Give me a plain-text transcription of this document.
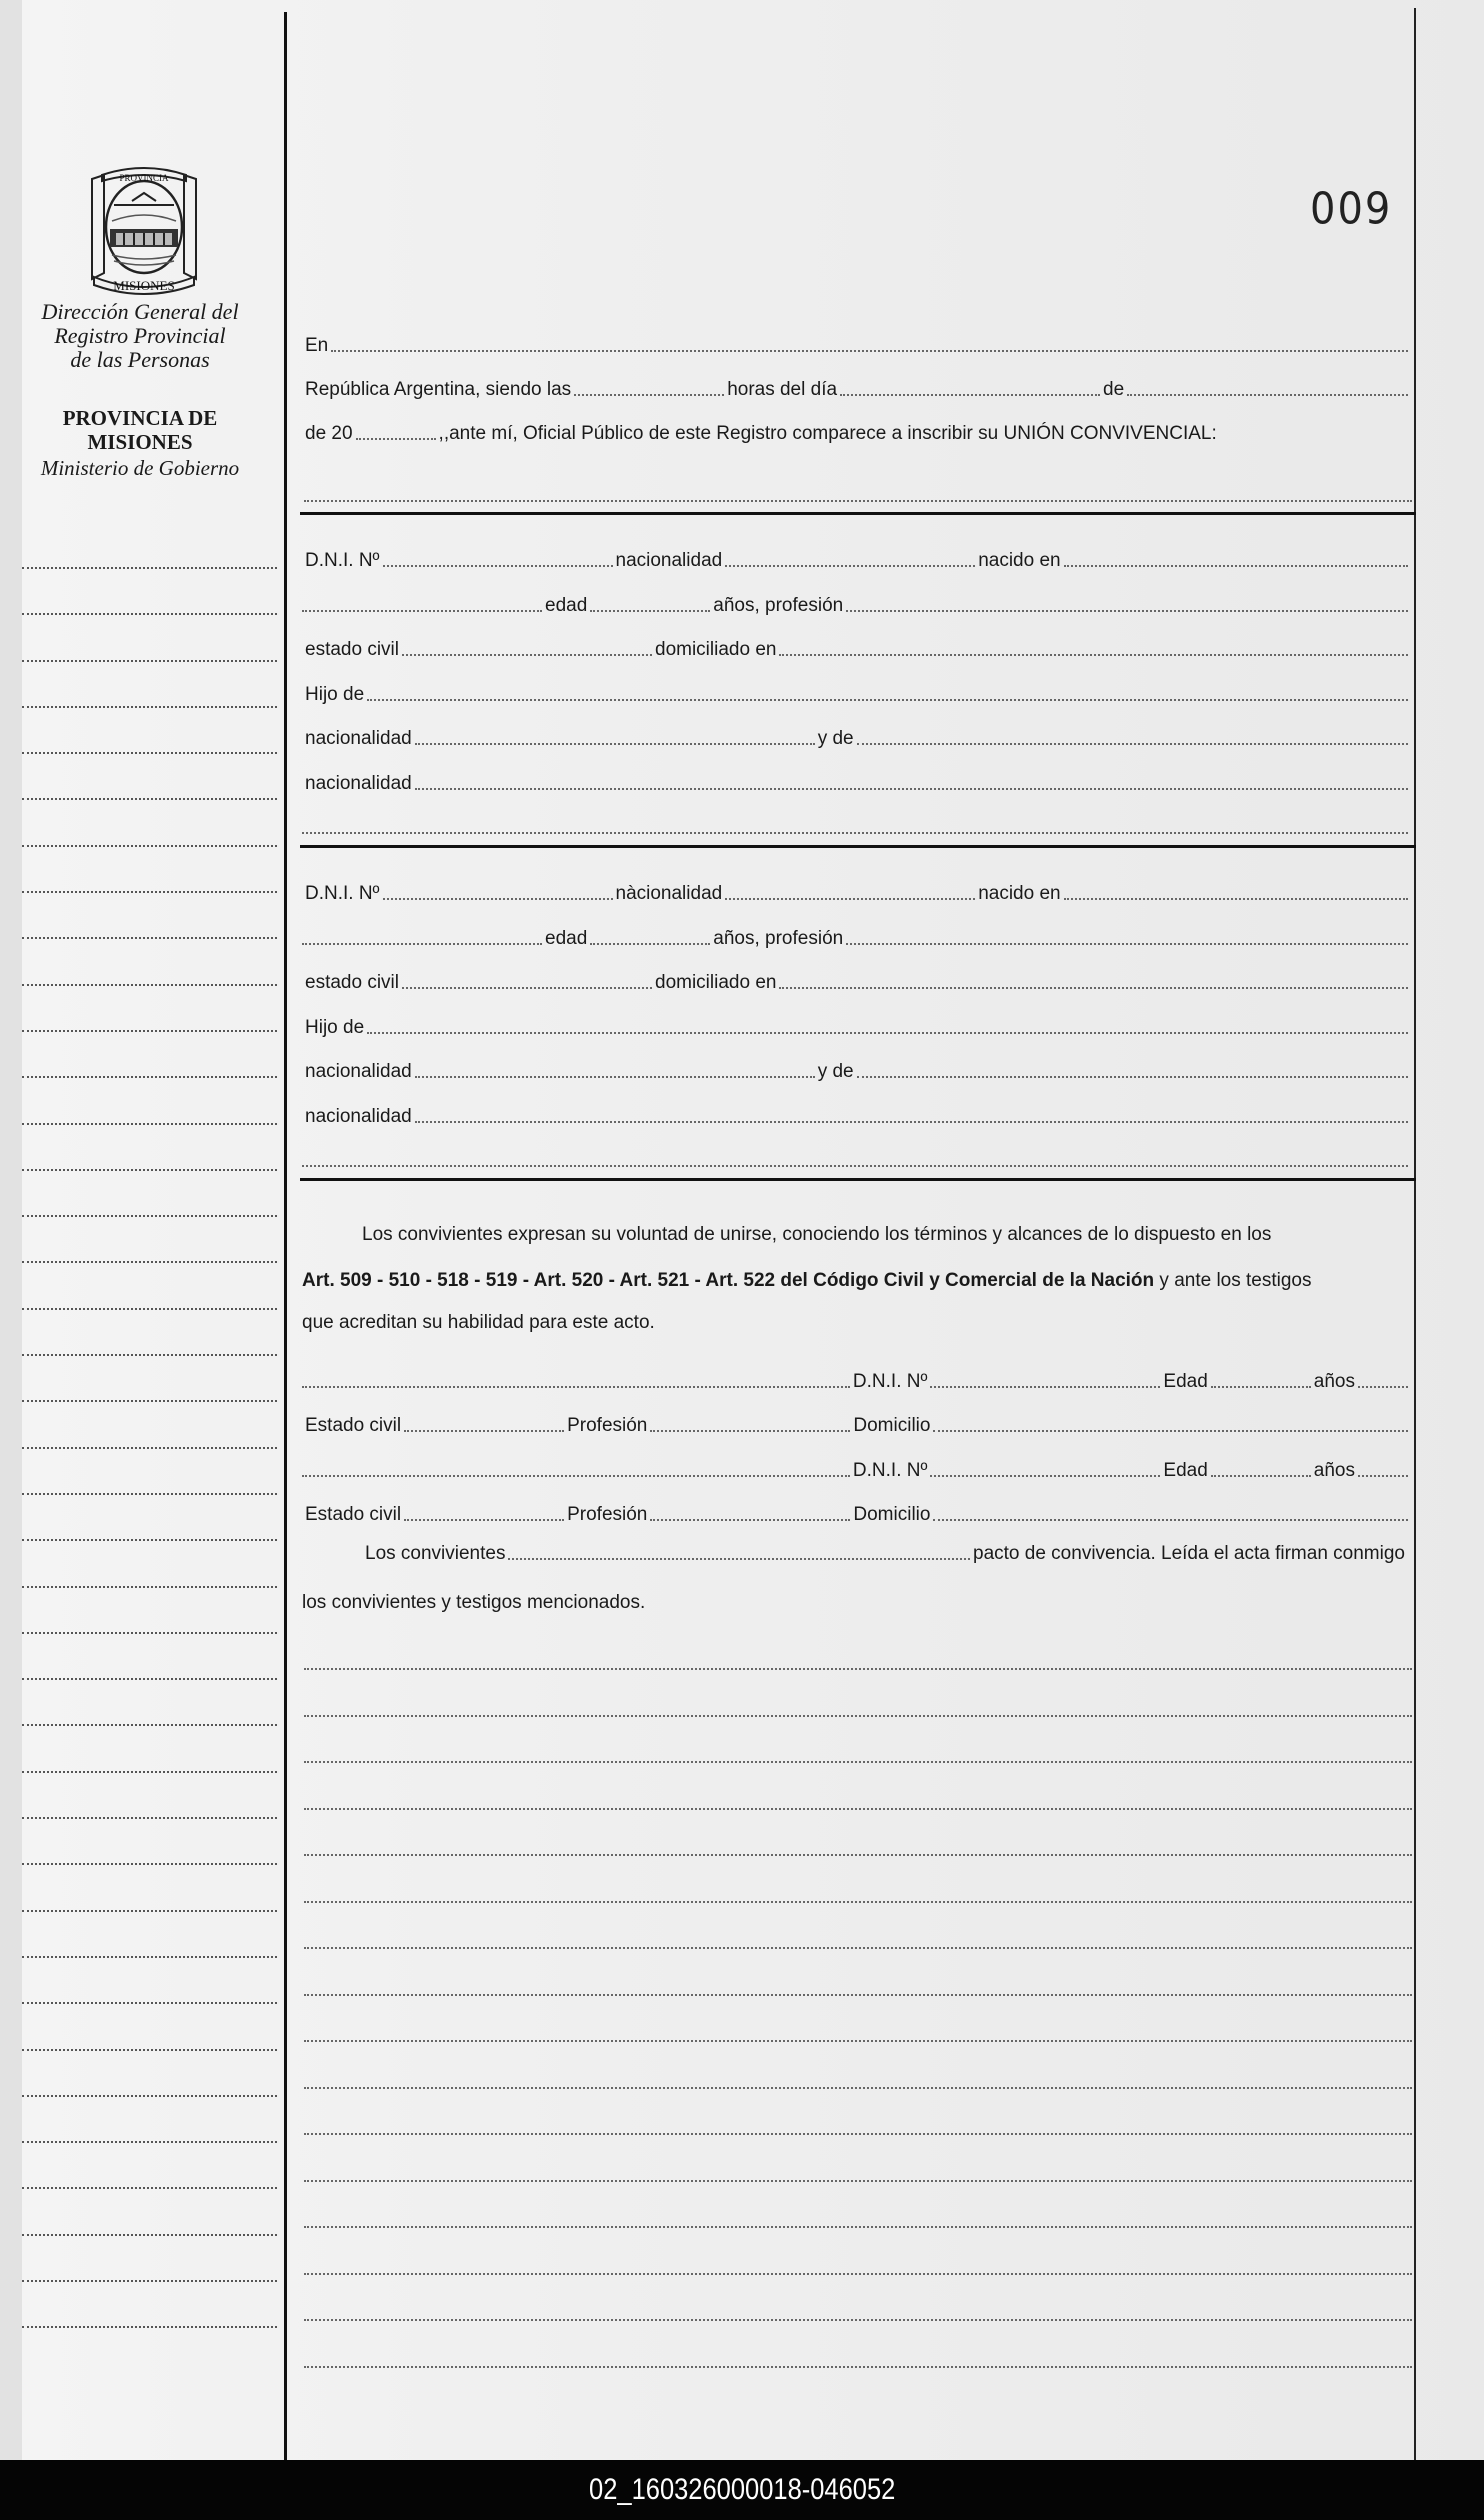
MISIONES
PROVINCIA
Dirección General del
Registro Provincial
de las Personas
PROVINCIA DE
MISIONES
Ministerio de Gobierno
009
En
República Argentina, siendo las	horas del día	de
de 20	,,ante mí, Oficial Público de este Registro comparece a inscribir su UNIÓN CONVIVENCIAL:
D.N.I. Nº	nacionalidad	nacido en
edad	años, profesión
estado civil	domiciliado en
Hijo de
nacionalidad	y de
nacionalidad
D.N.I. Nº	nàcionalidad	nacido en
edad	años, profesión
estado civil	domiciliado en
Hijo de
nacionalidad	y de
nacionalidad
Los convivientes expresan su voluntad de unirse, conociendo los términos y alcances de lo dispuesto en los
Art. 509 - 510 - 518 - 519 - Art. 520 - Art. 521 - Art. 522 del Código Civil y Comercial de la Nación y ante los testigos
que acreditan su habilidad para este acto.
D.N.I. Nº	Edad	años
Estado civil	Profesión	Domicilio
D.N.I. Nº	Edad	años
Estado civil	Profesión	Domicilio
Los convivientes	pacto de convivencia. Leída el acta firman conmigo
los convivientes y testigos mencionados.
02_160326000018-046052
